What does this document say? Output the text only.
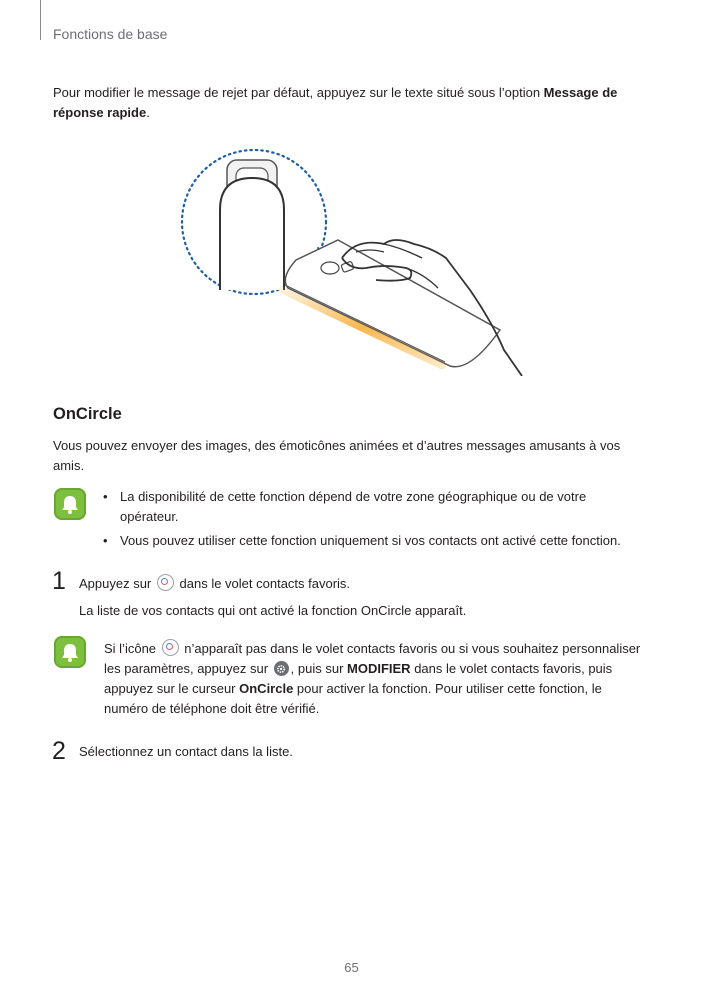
Fonctions de base
Pour modifier le message de rejet par défaut, appuyez sur le texte situé sous l’option Message de réponse rapide.
OnCircle
Vous pouvez envoyer des images, des émoticônes animées et d’autres messages amusants à vos amis.
• La disponibilité de cette fonction dépend de votre zone géographique ou de votre opérateur.
• Vous pouvez utiliser cette fonction uniquement si vos contacts ont activé cette fonction.
1 Appuyez sur dans le volet contacts favoris.
La liste de vos contacts qui ont activé la fonction OnCircle apparaît.
Si l’icône n’apparaît pas dans le volet contacts favoris ou si vous souhaitez personnaliser les paramètres, appuyez sur , puis sur MODIFIER dans le volet contacts favoris, puis appuyez sur le curseur OnCircle pour activer la fonction. Pour utiliser cette fonction, le numéro de téléphone doit être vérifié.
2 Sélectionnez un contact dans la liste.
65
